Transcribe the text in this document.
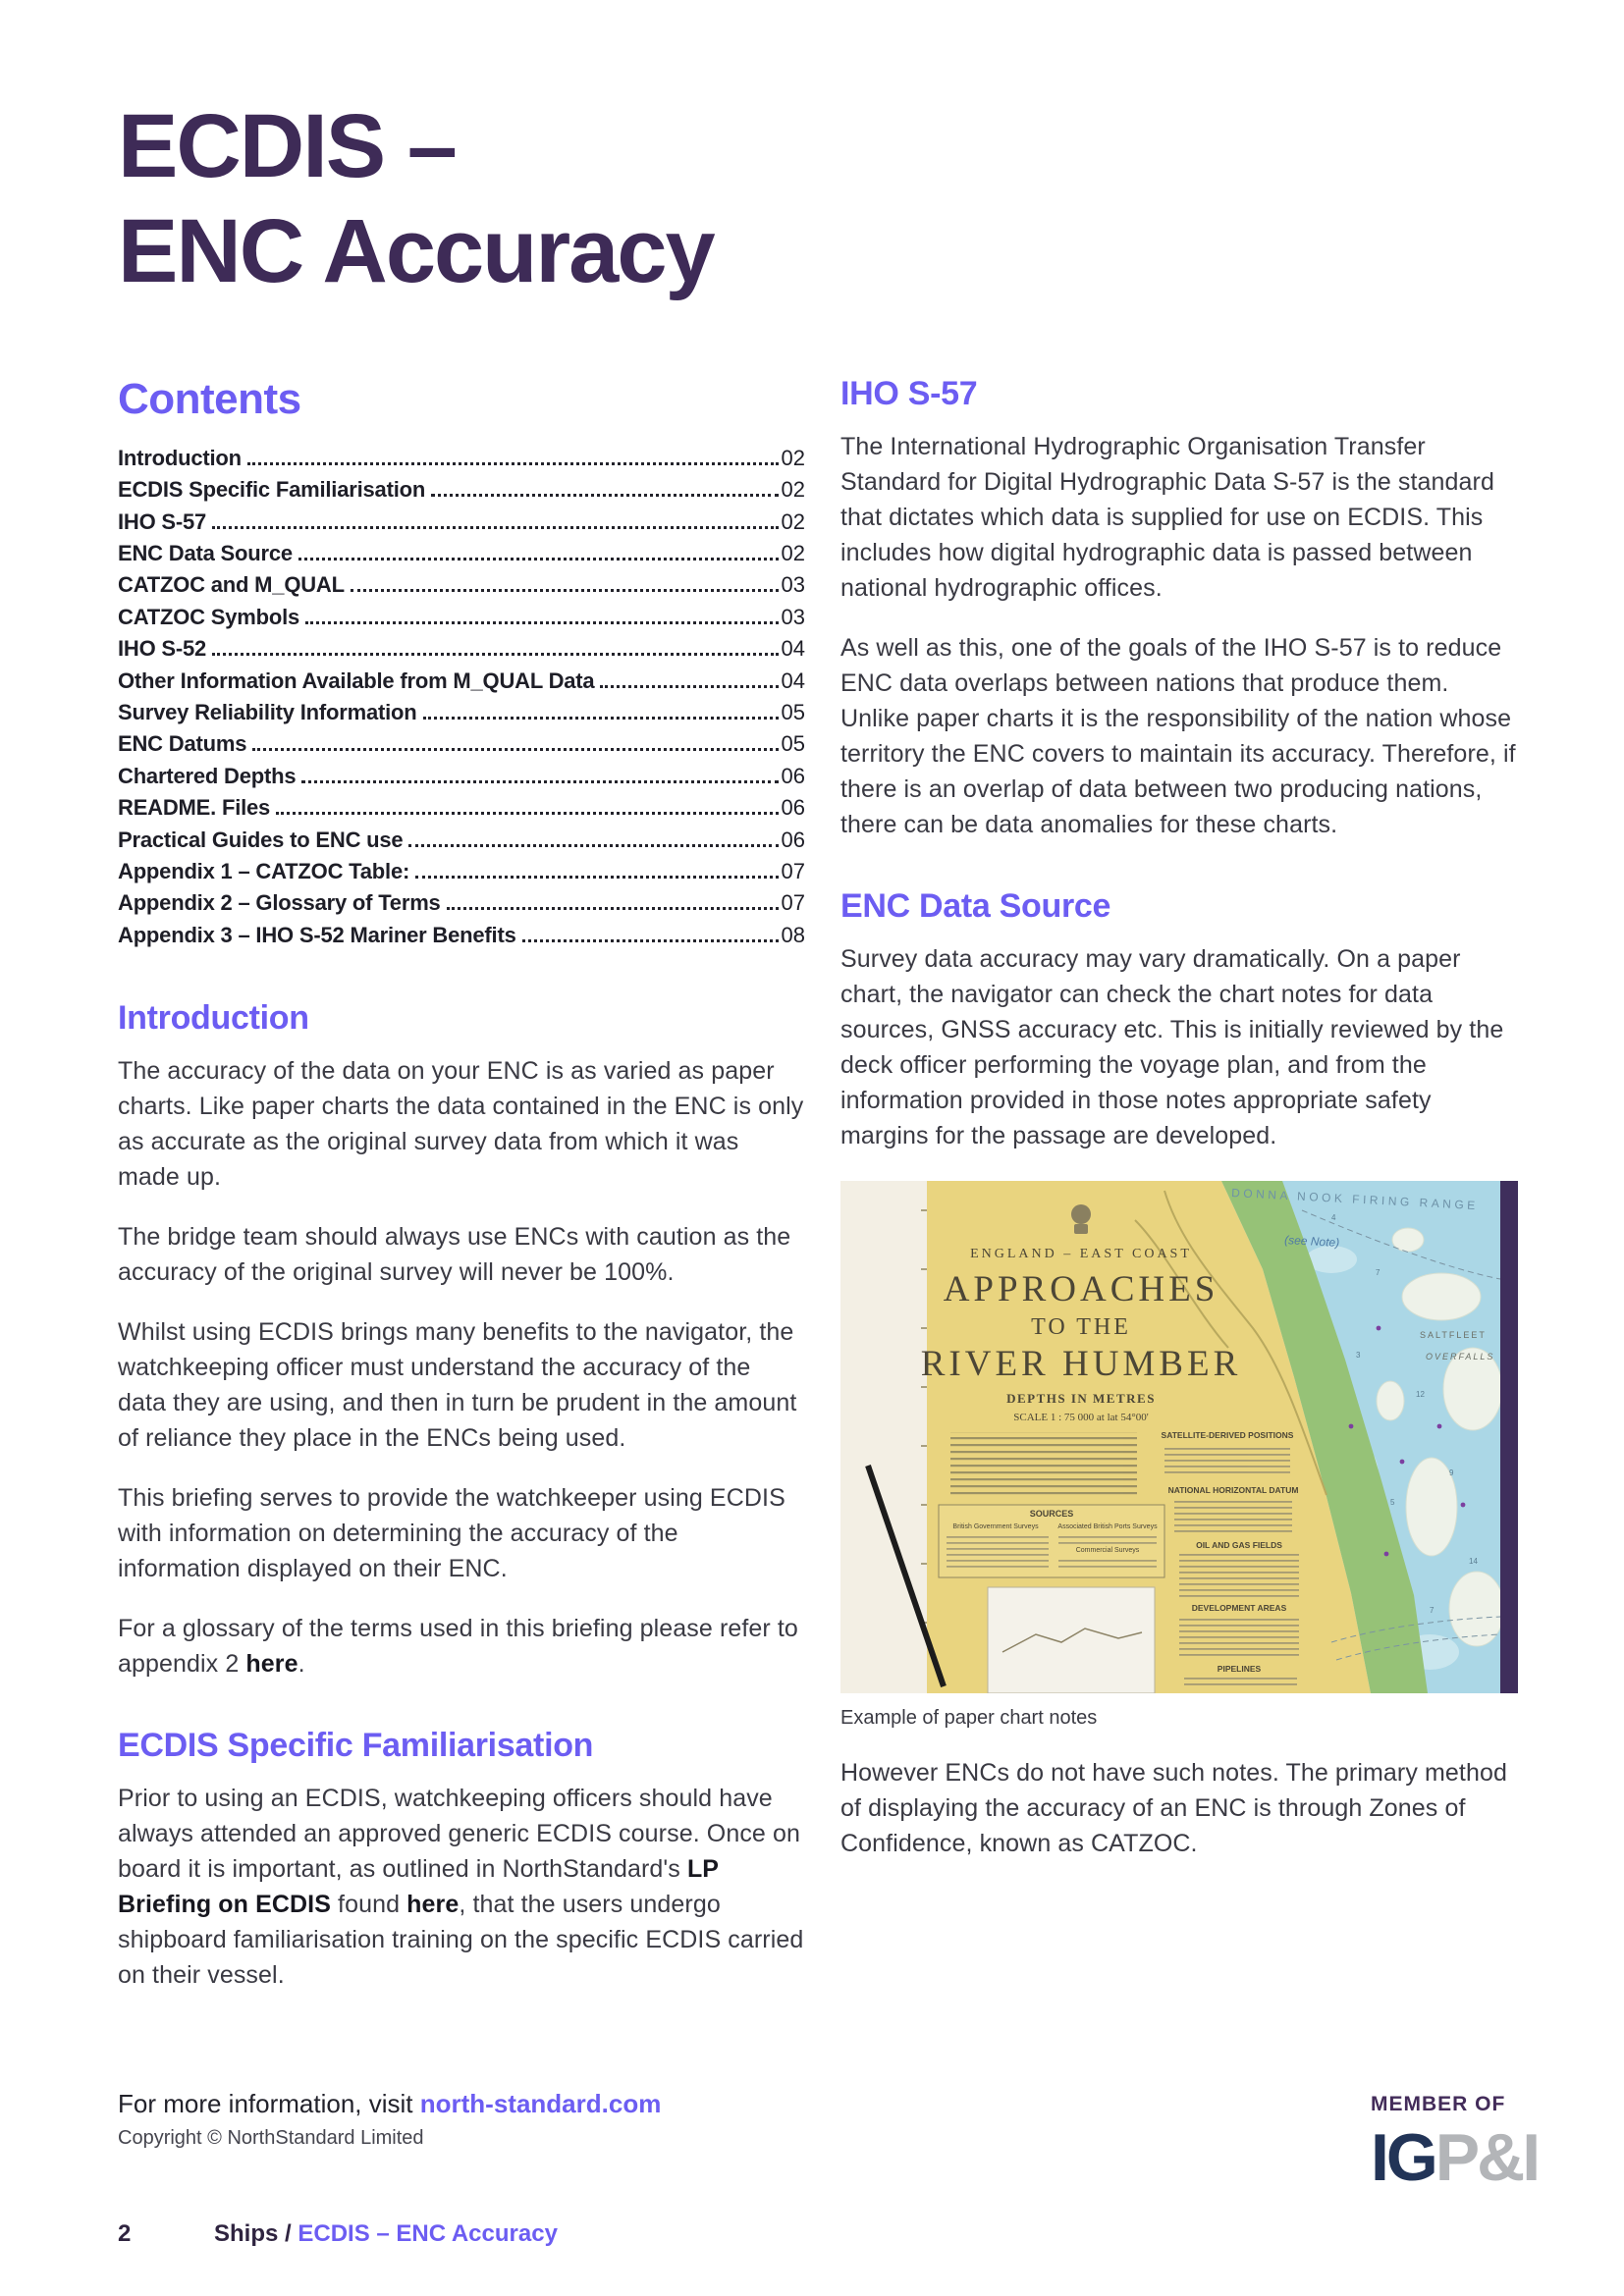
ECDIS –
ENC Accuracy
Contents
Introduction	02
ECDIS Specific Familiarisation	02
IHO S-57	02
ENC Data Source	02
CATZOC and M_QUAL	03
CATZOC Symbols	03
IHO S-52	04
Other Information Available from M_QUAL Data	04
Survey Reliability Information	05
ENC Datums	05
Chartered Depths	06
README. Files	06
Practical Guides to ENC use	06
Appendix 1 – CATZOC Table:	07
Appendix 2 – Glossary of Terms	07
Appendix 3 – IHO S-52 Mariner Benefits	08
Introduction

The accuracy of the data on your ENC is as varied as paper charts. Like paper charts the data contained in the ENC is only as accurate as the original survey data from which it was made up.

The bridge team should always use ENCs with caution as the accuracy of the original survey will never be 100%.

Whilst using ECDIS brings many benefits to the navigator, the watchkeeping officer must understand the accuracy of the data they are using, and then in turn be prudent in the amount of reliance they place in the ENCs being used.

This briefing serves to provide the watchkeeper using ECDIS with information on determining the accuracy of the information displayed on their ENC.

For a glossary of the terms used in this briefing please refer to appendix 2 here.

ECDIS Specific Familiarisation

Prior to using an ECDIS, watchkeeping officers should have always attended an approved generic ECDIS course. Once on board it is important, as outlined in NorthStandard's LP Briefing on ECDIS found here, that the users undergo shipboard familiarisation training on the specific ECDIS carried on their vessel.

IHO S-57

The International Hydrographic Organisation Transfer Standard for Digital Hydrographic Data S-57 is the standard that dictates which data is supplied for use on ECDIS. This includes how digital hydrographic data is passed between national hydrographic offices.

As well as this, one of the goals of the IHO S-57 is to reduce ENC data overlaps between nations that produce them. Unlike paper charts it is the responsibility of the nation whose territory the ENC covers to maintain its accuracy. Therefore, if there is an overlap of data between two producing nations, there can be data anomalies for these charts.

ENC Data Source

Survey data accuracy may vary dramatically. On a paper chart, the navigator can check the chart notes for data sources, GNSS accuracy etc. This is initially reviewed by the deck officer performing the voyage plan, and from the information provided in those notes appropriate safety margins for the passage are developed.

ENGLAND – EAST COAST
APPROACHES
TO THE
RIVER HUMBER
DEPTHS IN METRES
SCALE 1 : 75 000 at lat 54°00'
SATELLITE-DERIVED POSITIONS
NATIONAL HORIZONTAL DATUM
OIL AND GAS FIELDS
DEVELOPMENT AREAS
PIPELINES
SOURCES
British Government Surveys	Associated British Ports Surveys
Commercial Surveys
DONNA NOOK FIRING RANGE
(see Note)
SALTFLEET
OVERFALLS
4
7
12
9
5
14
7
3
Example of paper chart notes

However ENCs do not have such notes. The primary method of displaying the accuracy of an ENC is through Zones of Confidence, known as CATZOC.

For more information, visit north-standard.com
Copyright © NorthStandard Limited
MEMBER OF
IGP&I
2	Ships / ECDIS – ENC Accuracy
